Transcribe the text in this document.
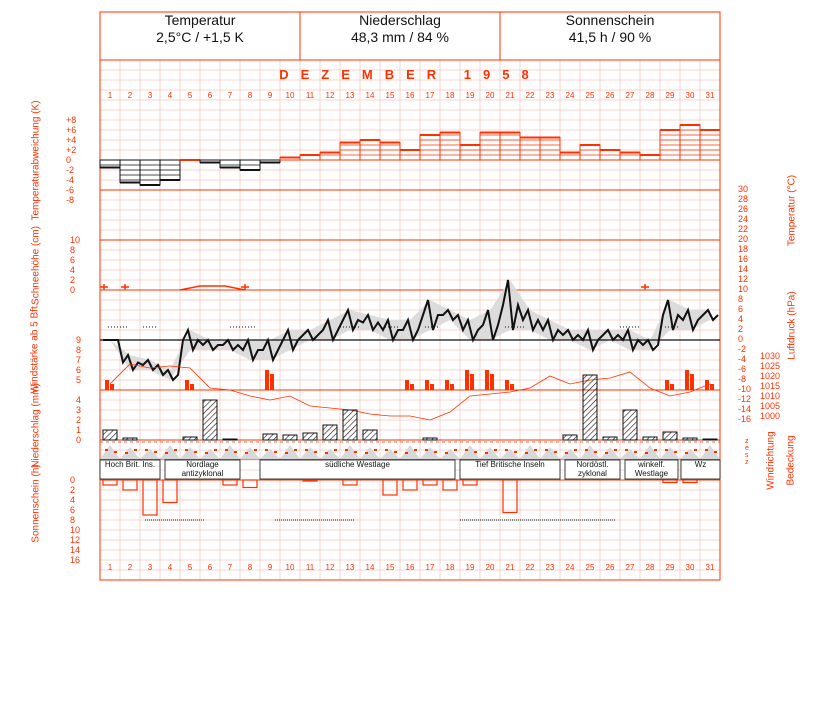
Temperatur
2,5°C / +1,5 K
Niederschlag
48,3 mm / 84 %
Sonnenschein
41,5 h / 90 %
DEZEMBER 1958
Temperaturabweichung (K)
Schneehöhe (cm)
Windstärke ab 5 Bft.
Niederschlag (mm)
Sonnenschein (h)
Temperatur (°C)
Luftdruck (hPa)
Windrichtung Bedeckung
1
1
2
2
3
3
4
4
5
5
6
6
7
7
8
8
9
9
10
10
11
11
12
12
13
13
14
14
15
15
16
16
17
17
18
18
19
19
20
20
21
21
22
22
23
23
24
24
25
25
26
26
27
27
28
28
29
29
30
30
31
31
Hoch Brit. Ins.	Nordlage antizyklonal
südliche Westlage	Tief Britische Inseln	Nordöstl. zyklonal
winkelf. Westlage
Wz
+8
+6
+4
+2
0
-2
-4
-6
-8
10
8
6
4
2
0
9
8
7
6
5
4
3
2
1
0
0
2
4
6
8
10
12
14
16
30
28
26
24
22
20
18
16
14
12
10
8
6
4
2
0
-2
-4
-6
-8
-10
-12
-14
-16
1030
1025
1020
1015
1010
1005
1000
z
e
s
z
